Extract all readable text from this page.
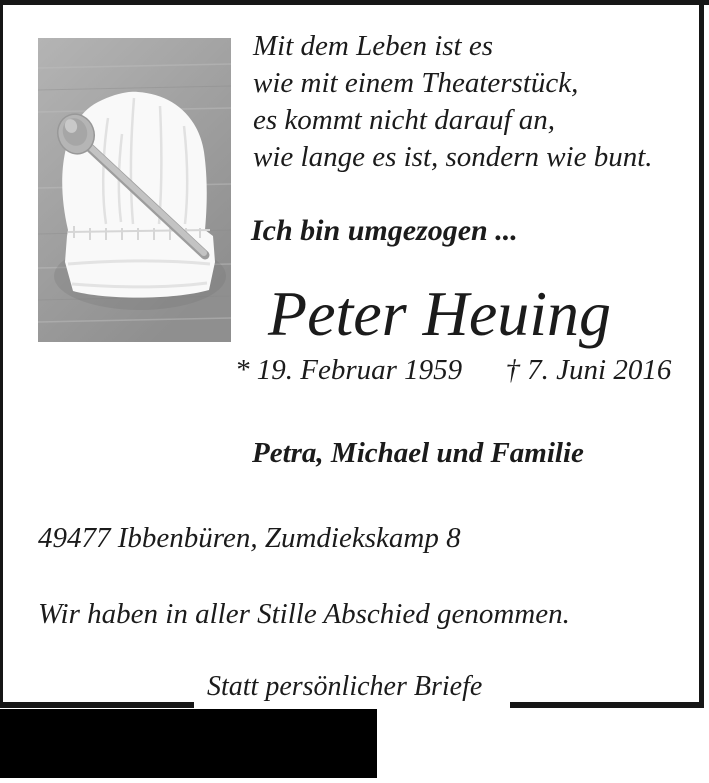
Mit dem Leben ist es
wie mit einem Theaterstück,
es kommt nicht darauf an,
wie lange es ist, sondern wie bunt.
Ich bin umgezogen ...
Peter Heuing
* 19. Februar 1959 † 7. Juni 2016
Petra, Michael und Familie
49477 Ibbenbüren, Zumdiekskamp 8
Wir haben in aller Stille Abschied genommen.
Statt persönlicher Briefe
